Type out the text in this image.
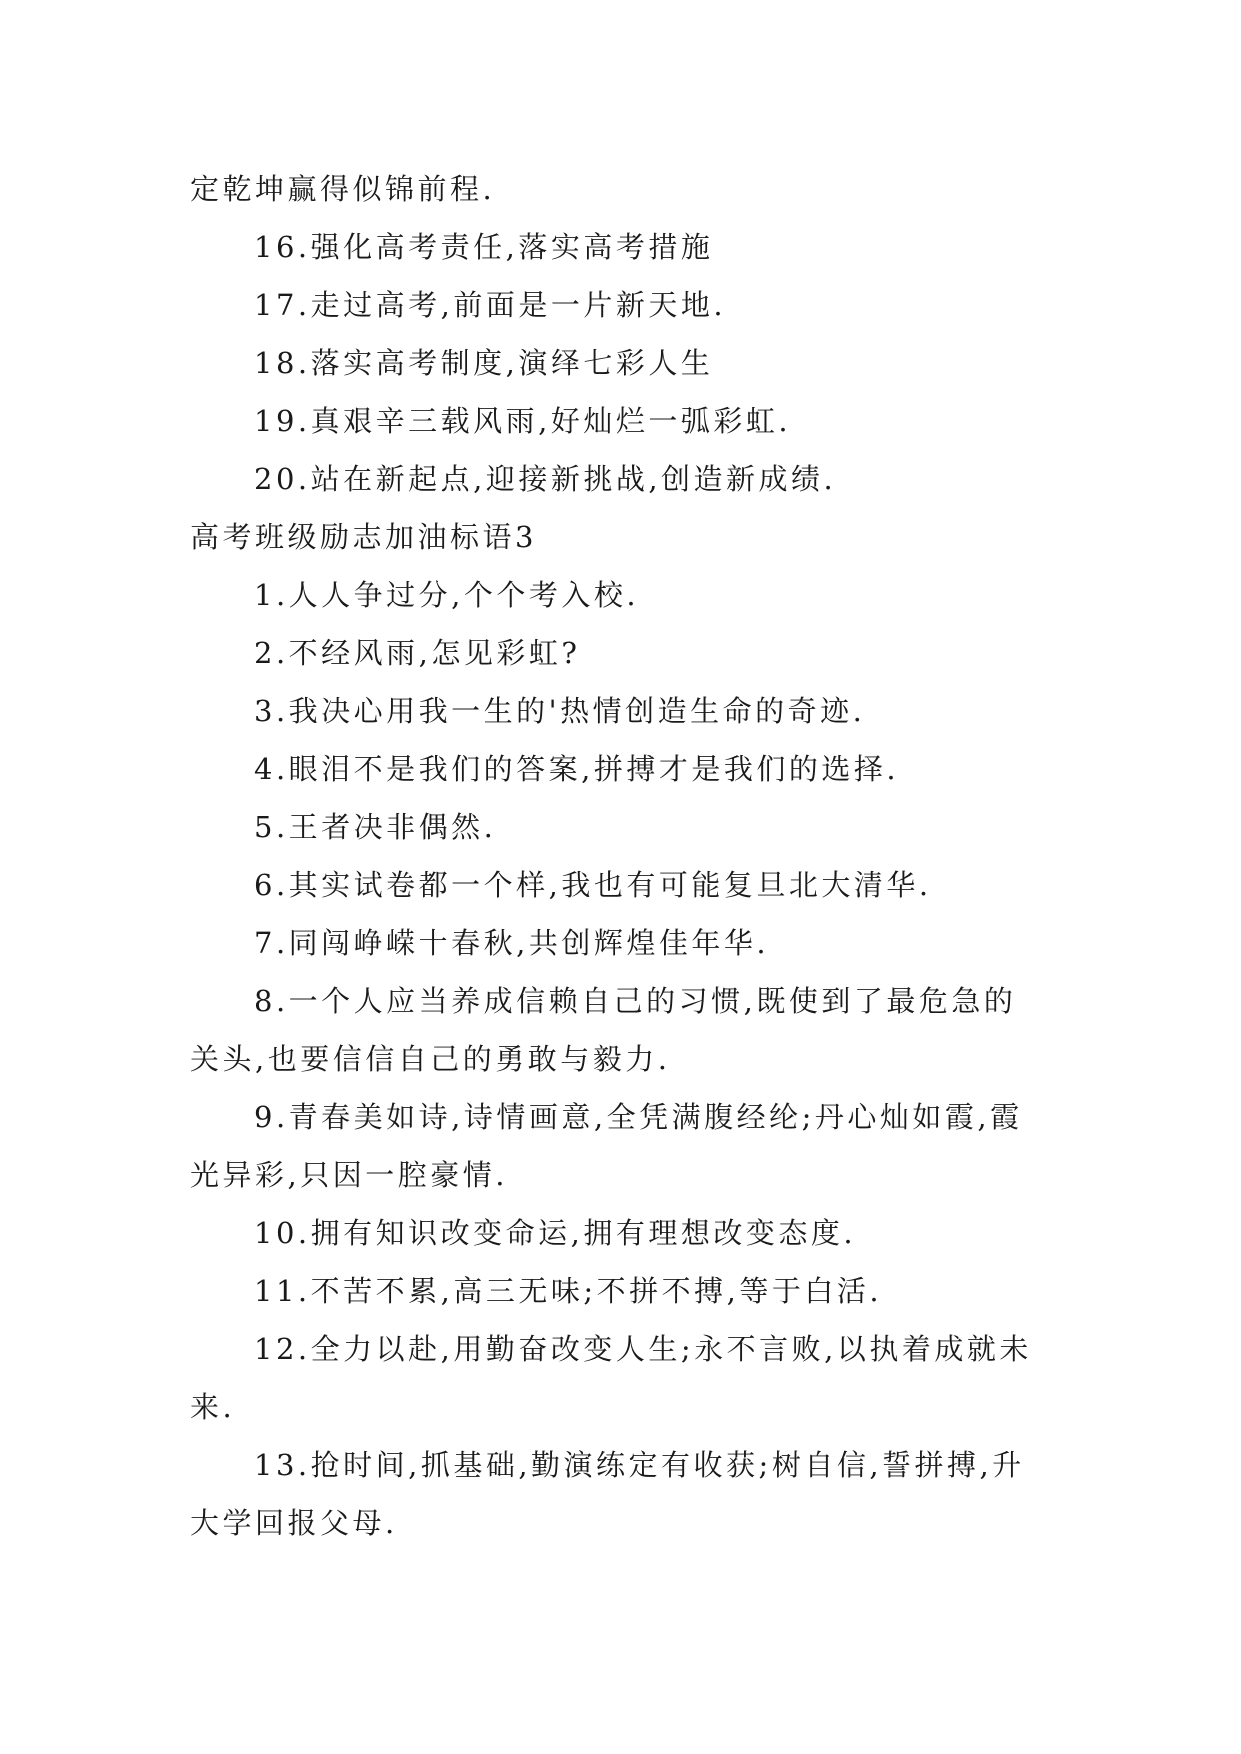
定乾坤赢得似锦前程.

16.强化高考责任,落实高考措施

17.走过高考,前面是一片新天地.

18.落实高考制度,演绎七彩人生

19.真艰辛三载风雨,好灿烂一弧彩虹.

20.站在新起点,迎接新挑战,创造新成绩.

高考班级励志加油标语3

1.人人争过分,个个考入校.

2.不经风雨,怎见彩虹?

3.我决心用我一生的'热情创造生命的奇迹.

4.眼泪不是我们的答案,拼搏才是我们的选择.

5.王者决非偶然.

6.其实试卷都一个样,我也有可能复旦北大清华.

7.同闯峥嵘十春秋,共创辉煌佳年华.

8.一个人应当养成信赖自己的习惯,既使到了最危急的

关头,也要信信自己的勇敢与毅力.

9.青春美如诗,诗情画意,全凭满腹经纶;丹心灿如霞,霞

光异彩,只因一腔豪情.

10.拥有知识改变命运,拥有理想改变态度.

11.不苦不累,高三无味;不拼不搏,等于白活.

12.全力以赴,用勤奋改变人生;永不言败,以执着成就未

来.

13.抢时间,抓基础,勤演练定有收获;树自信,誓拼搏,升

大学回报父母.
